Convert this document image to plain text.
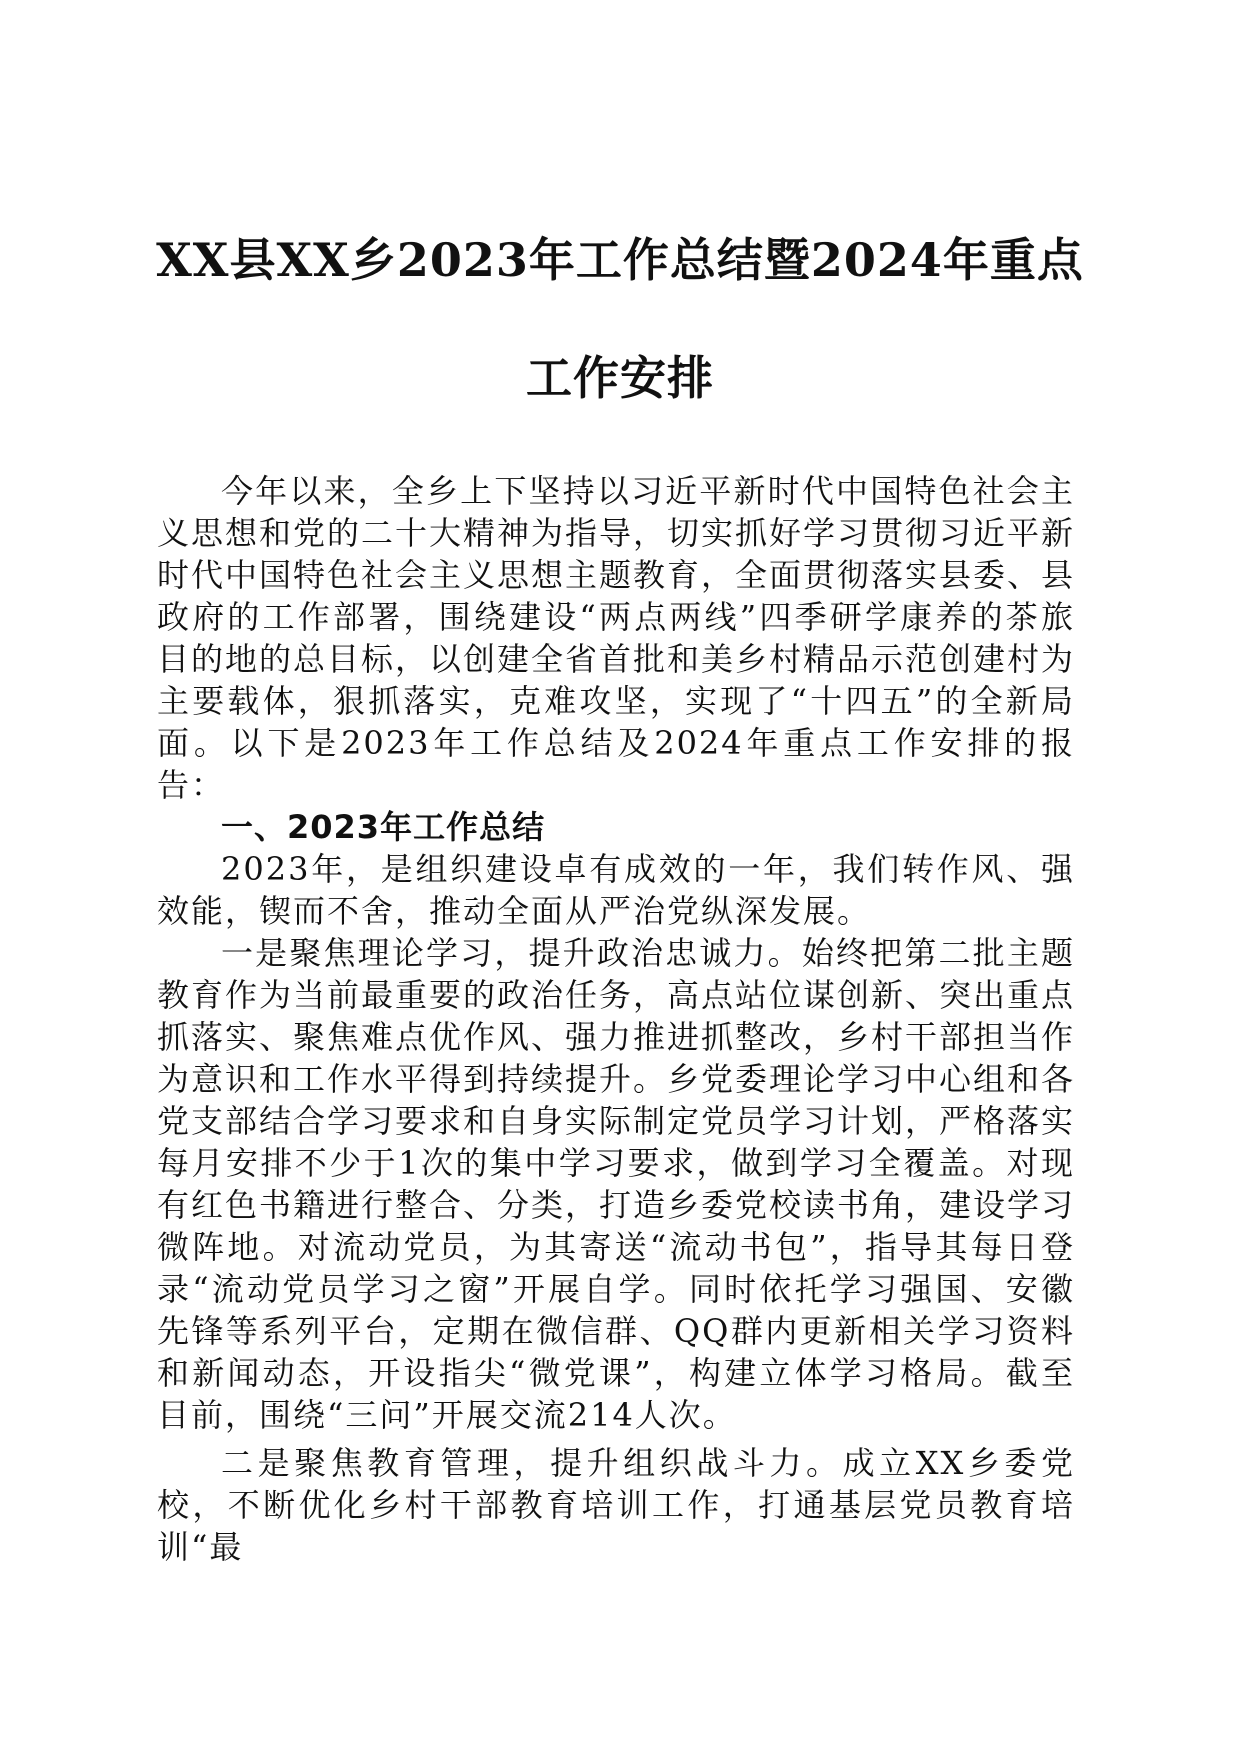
XX县XX乡2023年工作总结暨2024年重点
工作安排

今年以来，全乡上下坚持以习近平新时代中国特色社会主义思想和党的二十大精神为指导，切实抓好学习贯彻习近平新时代中国特色社会主义思想主题教育，全面贯彻落实县委、县政府的工作部署，围绕建设“两点两线”四季研学康养的茶旅目的地的总目标，以创建全省首批和美乡村精品示范创建村为主要载体，狠抓落实，克难攻坚，实现了“十四五”的全新局面。以下是2023年工作总结及2024年重点工作安排的报告：

一、2023年工作总结

2023年，是组织建设卓有成效的一年，我们转作风、强效能，锲而不舍，推动全面从严治党纵深发展。

一是聚焦理论学习，提升政治忠诚力。始终把第二批主题教育作为当前最重要的政治任务，高点站位谋创新、突出重点抓落实、聚焦难点优作风、强力推进抓整改，乡村干部担当作为意识和工作水平得到持续提升。乡党委理论学习中心组和各党支部结合学习要求和自身实际制定党员学习计划，严格落实每月安排不少于1次的集中学习要求，做到学习全覆盖。对现有红色书籍进行整合、分类，打造乡委党校读书角，建设学习微阵地。对流动党员，为其寄送“流动书包”，指导其每日登录“流动党员学习之窗”开展自学。同时依托学习强国、安徽先锋等系列平台，定期在微信群、QQ群内更新相关学习资料和新闻动态，开设指尖“微党课”，构建立体学习格局。截至目前，围绕“三问”开展交流214人次。

二是聚焦教育管理，提升组织战斗力。成立XX乡委党校，不断优化乡村干部教育培训工作，打通基层党员教育培训“最
